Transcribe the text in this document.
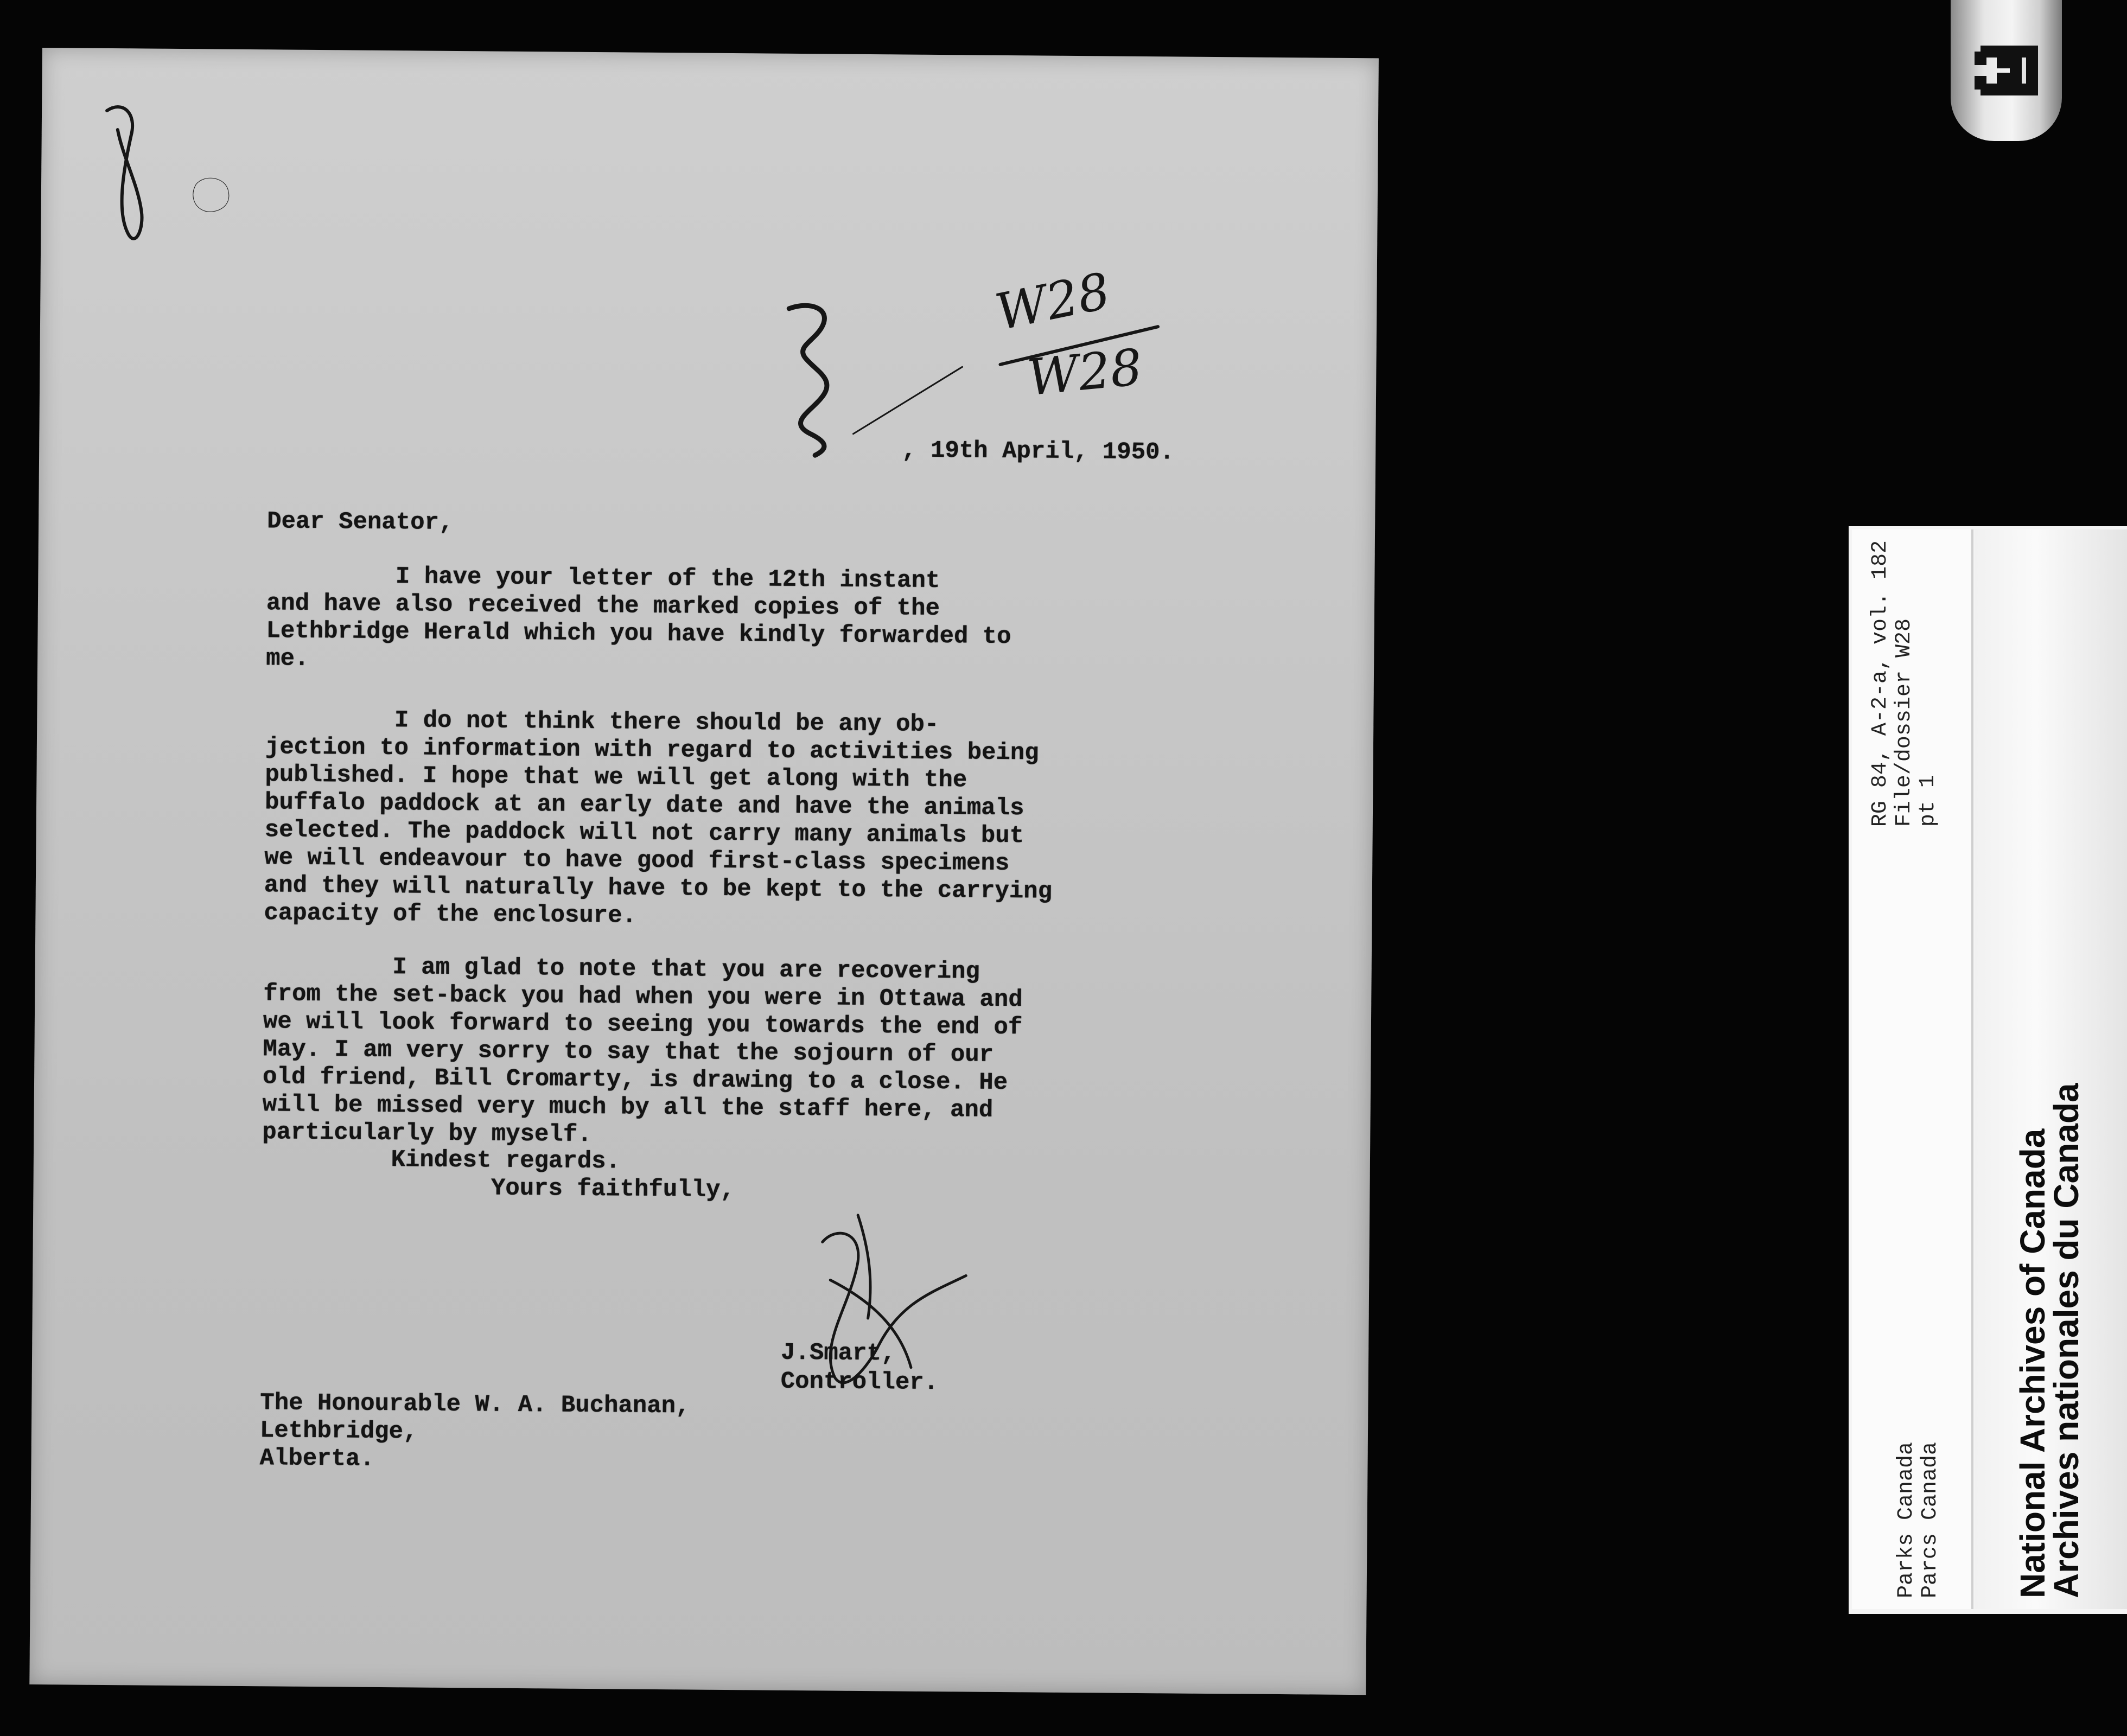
W28
W28

, 19th April, 1950.

Dear Senator,

I have your letter of the 12th instant
and have also received the marked copies of the
Lethbridge Herald which you have kindly forwarded to
me.

I do not think there should be any ob-
jection to information with regard to activities being
published. I hope that we will get along with the
buffalo paddock at an early date and have the animals
selected. The paddock will not carry many animals but
we will endeavour to have good first-class specimens
and they will naturally have to be kept to the carrying
capacity of the enclosure.

I am glad to note that you are recovering
from the set-back you had when you were in Ottawa and
we will look forward to seeing you towards the end of
May. I am very sorry to say that the sojourn of our
old friend, Bill Cromarty, is drawing to a close. He
will be missed very much by all the staff here, and
particularly by myself.

Kindest regards.
Yours faithfully,

J.Smart,

Controller.

The Honourable W. A. Buchanan,
Lethbridge,
Alberta.

RG 84, A-2-a, vol. 182
File/dossier W28
pt 1

Parks Canada
Parcs Canada

National Archives of Canada
Archives nationales du Canada
